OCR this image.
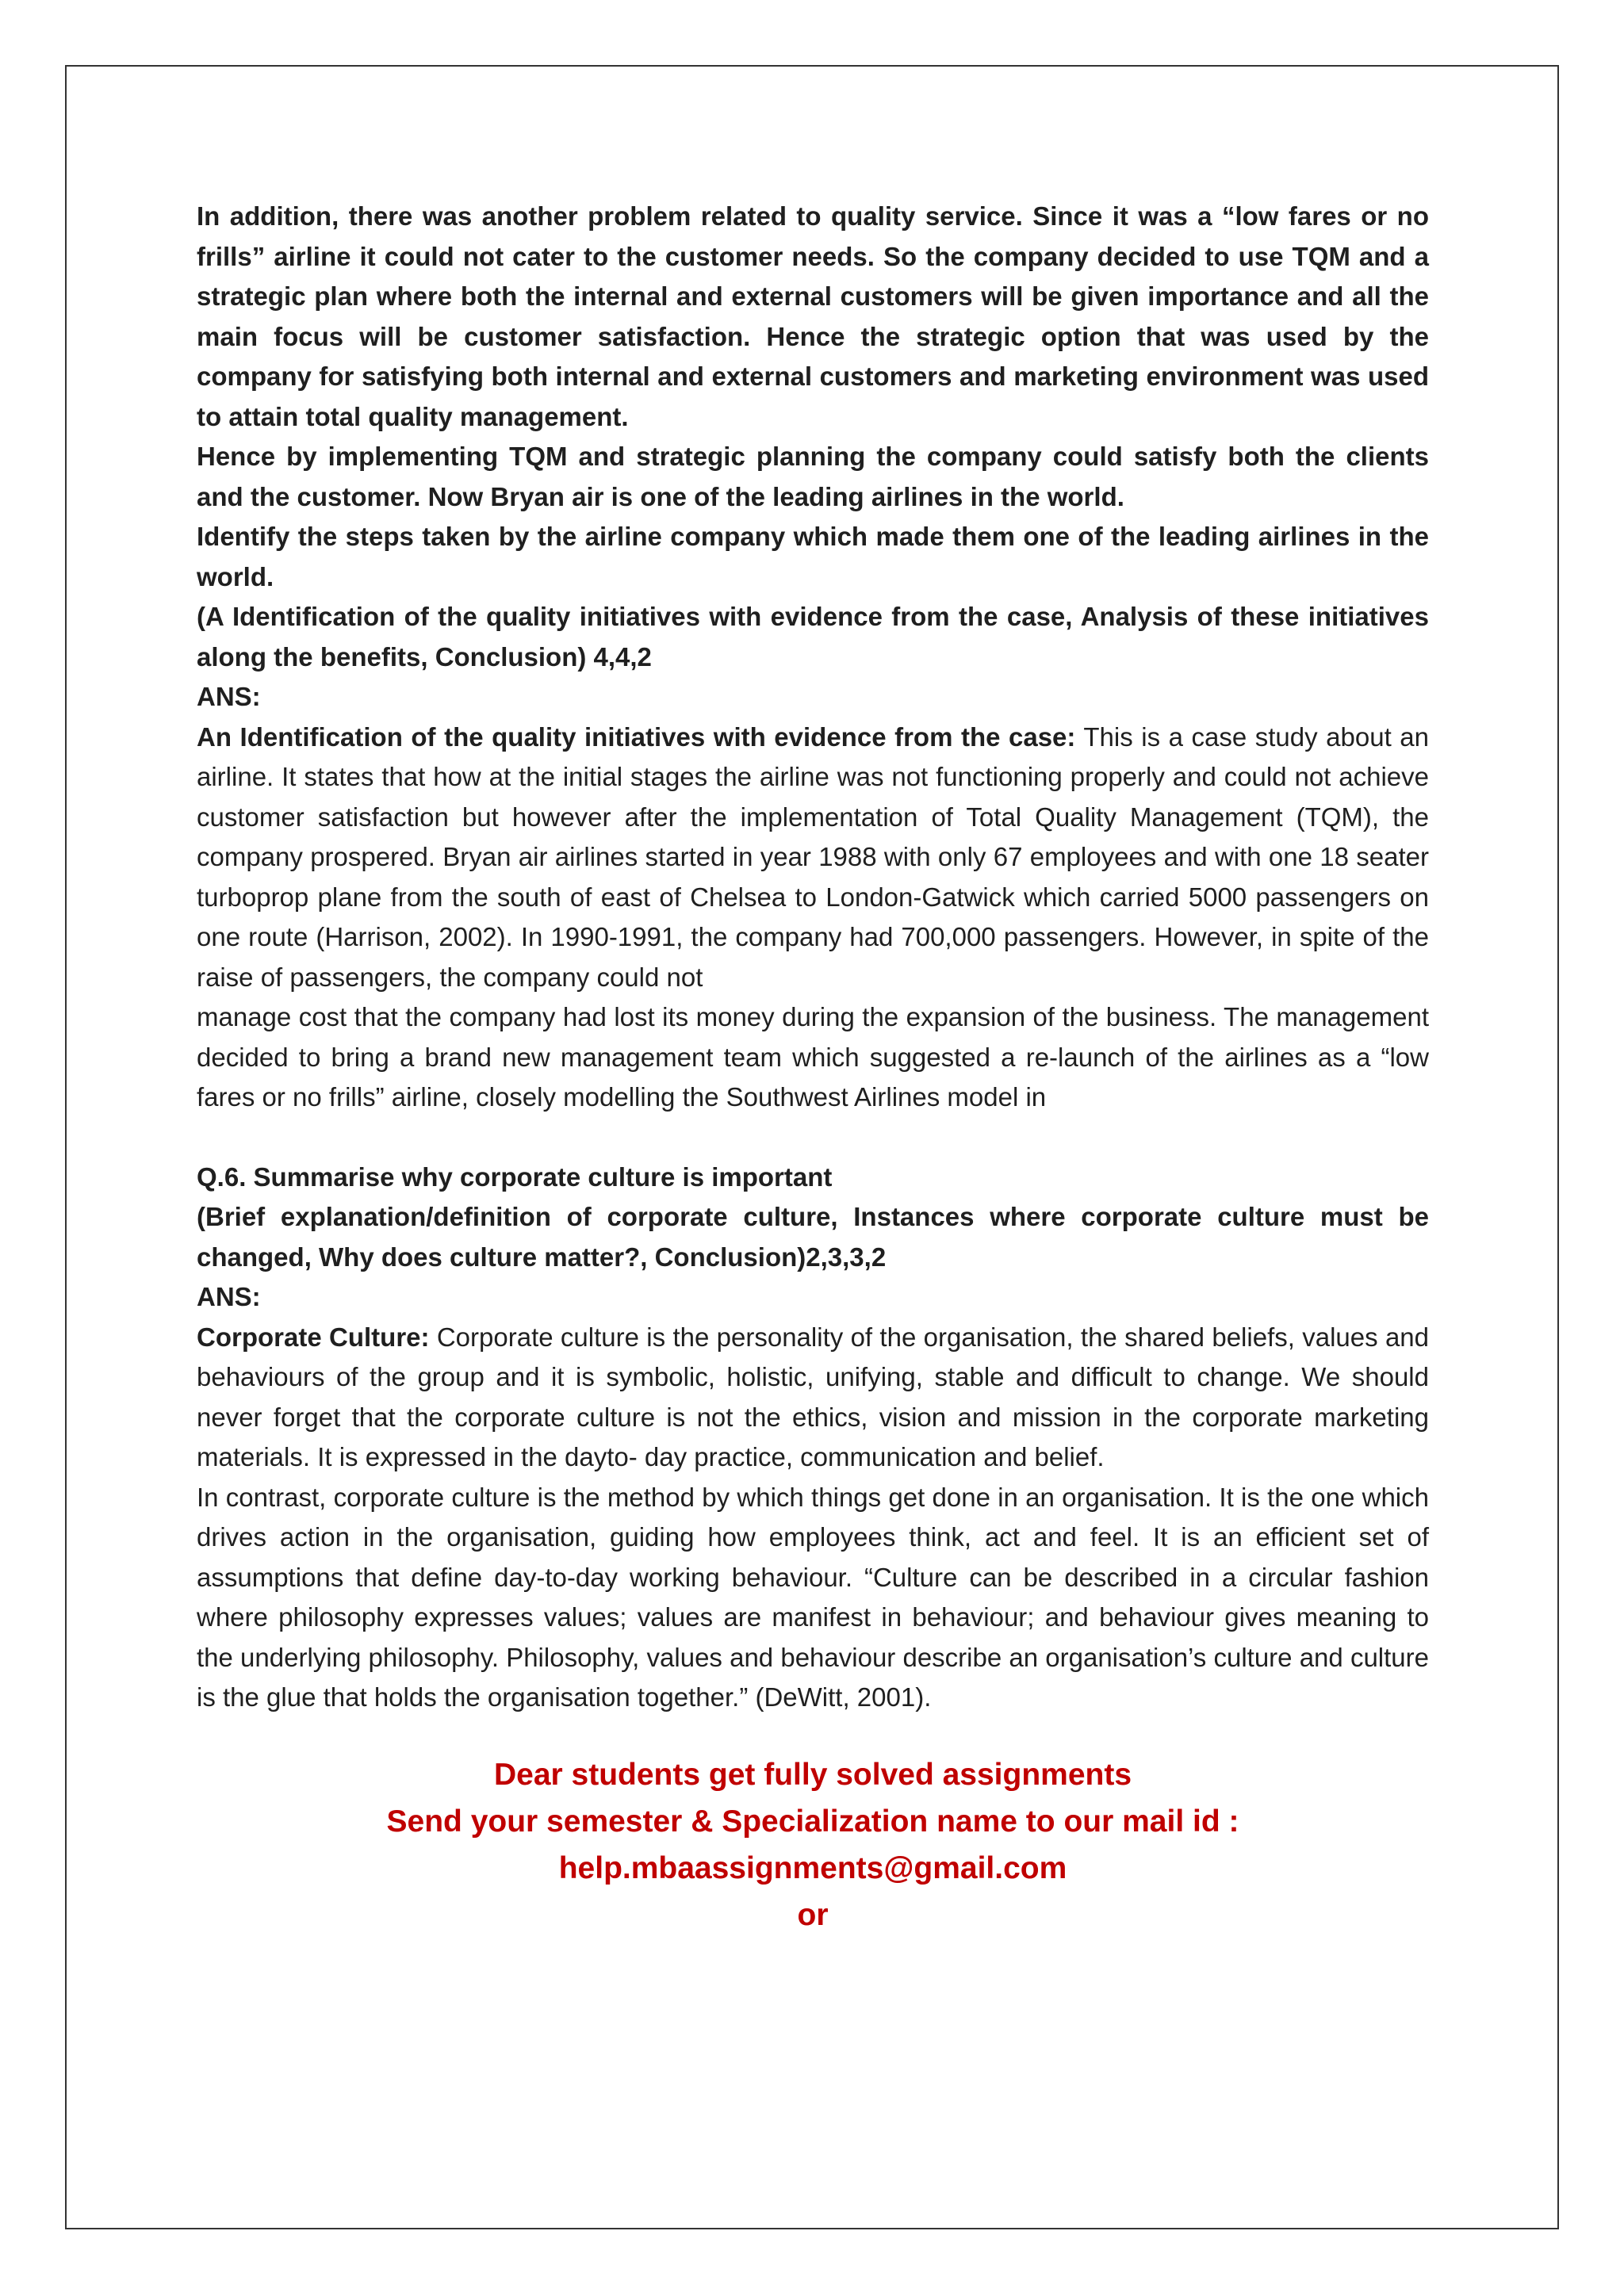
In addition, there was another problem related to quality service. Since it was a “low fares or no frills” airline it could not cater to the customer needs. So the company decided to use TQM and a strategic plan where both the internal and external customers will be given importance and all the main focus will be customer satisfaction. Hence the strategic option that was used by the company for satisfying both internal and external customers and marketing environment was used to attain total quality management.

Hence by implementing TQM and strategic planning the company could satisfy both the clients and the customer. Now Bryan air is one of the leading airlines in the world.

Identify the steps taken by the airline company which made them one of the leading airlines in the world.

(A Identification of the quality initiatives with evidence from the case, Analysis of these initiatives along the benefits, Conclusion) 4,4,2

ANS:

An Identification of the quality initiatives with evidence from the case: This is a case study about an airline. It states that how at the initial stages the airline was not functioning properly and could not achieve customer satisfaction but however after the implementation of Total Quality Management (TQM), the company prospered. Bryan air airlines started in year 1988 with only 67 employees and with one 18 seater turboprop plane from the south of east of Chelsea to London-Gatwick which carried 5000 passengers on one route (Harrison, 2002). In 1990-1991, the company had 700,000 passengers. However, in spite of the raise of passengers, the company could not

manage cost that the company had lost its money during the expansion of the business. The management decided to bring a brand new management team which suggested a re-launch of the airlines as a “low fares or no frills” airline, closely modelling the Southwest Airlines model in

Q.6. Summarise why corporate culture is important

(Brief explanation/definition of corporate culture, Instances where corporate culture must be changed, Why does culture matter?, Conclusion)2,3,3,2

ANS:

Corporate Culture: Corporate culture is the personality of the organisation, the shared beliefs, values and behaviours of the group and it is symbolic, holistic, unifying, stable and difficult to change. We should never forget that the corporate culture is not the ethics, vision and mission in the corporate marketing materials. It is expressed in the dayto- day practice, communication and belief.

In contrast, corporate culture is the method by which things get done in an organisation. It is the one which drives action in the organisation, guiding how employees think, act and feel. It is an efficient set of assumptions that define day-to-day working behaviour. “Culture can be described in a circular fashion where philosophy expresses values; values are manifest in behaviour; and behaviour gives meaning to the underlying philosophy. Philosophy, values and behaviour describe an organisation’s culture and culture is the glue that holds the organisation together.” (DeWitt, 2001).

Dear students get fully solved assignments

Send your semester & Specialization name to our mail id :

help.mbaassignments@gmail.com

or
